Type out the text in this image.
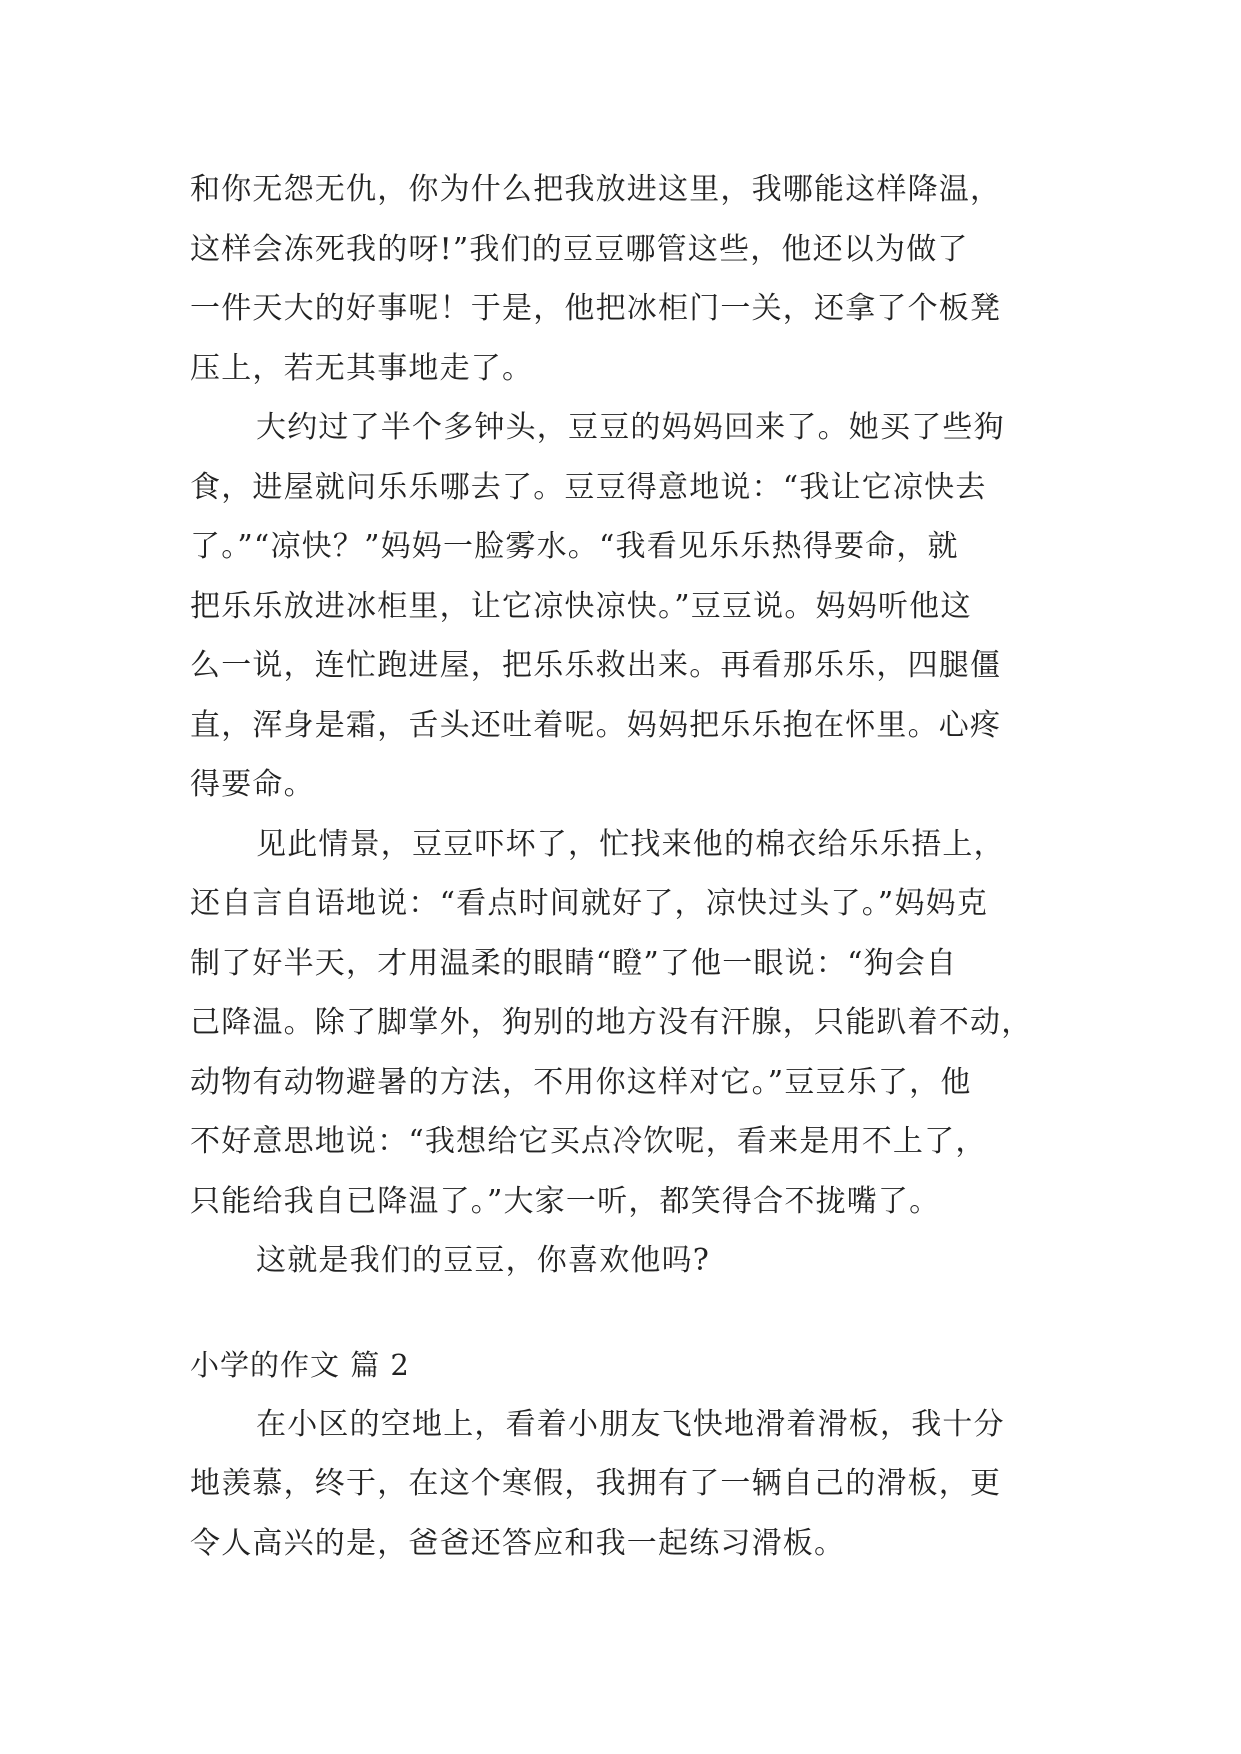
和你无怨无仇，你为什么把我放进这里，我哪能这样降温，
这样会冻死我的呀!”我们的豆豆哪管这些，他还以为做了
一件天大的好事呢！于是，他把冰柜门一关，还拿了个板凳
压上，若无其事地走了。
大约过了半个多钟头，豆豆的妈妈回来了。她买了些狗
食，进屋就问乐乐哪去了。豆豆得意地说：“我让它凉快去
了。”“凉快？”妈妈一脸雾水。“我看见乐乐热得要命，就
把乐乐放进冰柜里，让它凉快凉快。”豆豆说。妈妈听他这
么一说，连忙跑进屋，把乐乐救出来。再看那乐乐，四腿僵
直，浑身是霜，舌头还吐着呢。妈妈把乐乐抱在怀里。心疼
得要命。
见此情景，豆豆吓坏了，忙找来他的棉衣给乐乐捂上，
还自言自语地说：“看点时间就好了，凉快过头了。”妈妈克
制了好半天，才用温柔的眼睛“瞪”了他一眼说：“狗会自
己降温。除了脚掌外，狗别的地方没有汗腺，只能趴着不动，
动物有动物避暑的方法，不用你这样对它。”豆豆乐了，他
不好意思地说：“我想给它买点冷饮呢，看来是用不上了，
只能给我自已降温了。”大家一听，都笑得合不拢嘴了。
这就是我们的豆豆，你喜欢他吗?
小学的作文 篇 2
在小区的空地上，看着小朋友飞快地滑着滑板，我十分
地羡慕，终于，在这个寒假，我拥有了一辆自己的滑板，更
令人高兴的是，爸爸还答应和我一起练习滑板。
